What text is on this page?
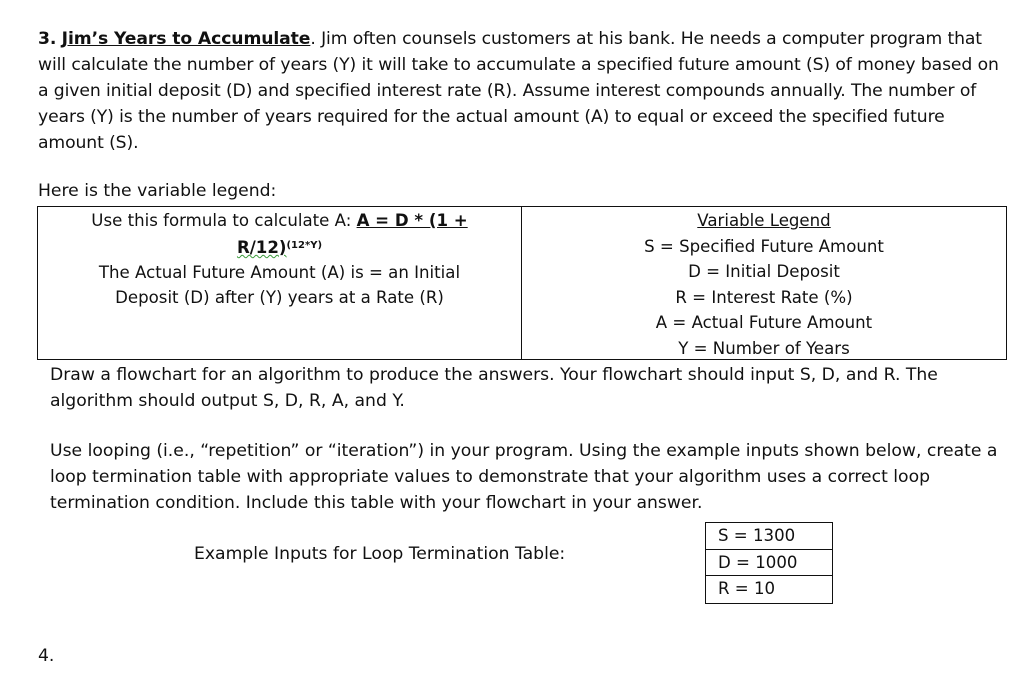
3. Jim’s Years to Accumulate. Jim often counsels customers at his bank. He needs a computer program that will calculate the number of years (Y) it will take to accumulate a specified future amount (S) of money based on a given initial deposit (D) and specified interest rate (R). Assume interest compounds annually. The number of years (Y) is the number of years required for the actual amount (A) to equal or exceed the specified future amount (S).
Here is the variable legend:
Use this formula to calculate A: A = D * (1 +
R/12)$^{(12*Y)}$
The Actual Future Amount (A) is = an Initial
Deposit (D) after (Y) years at a Rate (R)
Variable Legend
S = Specified Future Amount
D = Initial Deposit
R = Interest Rate (%)
A = Actual Future Amount
Y = Number of Years
Draw a flowchart for an algorithm to produce the answers. Your flowchart should input S, D, and R. The algorithm should output S, D, R, A, and Y.
Use looping (i.e., “repetition” or “iteration”) in your program. Using the example inputs shown below, create a loop termination table with appropriate values to demonstrate that your algorithm uses a correct loop termination condition. Include this table with your flowchart in your answer.
Example Inputs for Loop Termination Table:
S = 1300
D = 1000
R = 10
4.
